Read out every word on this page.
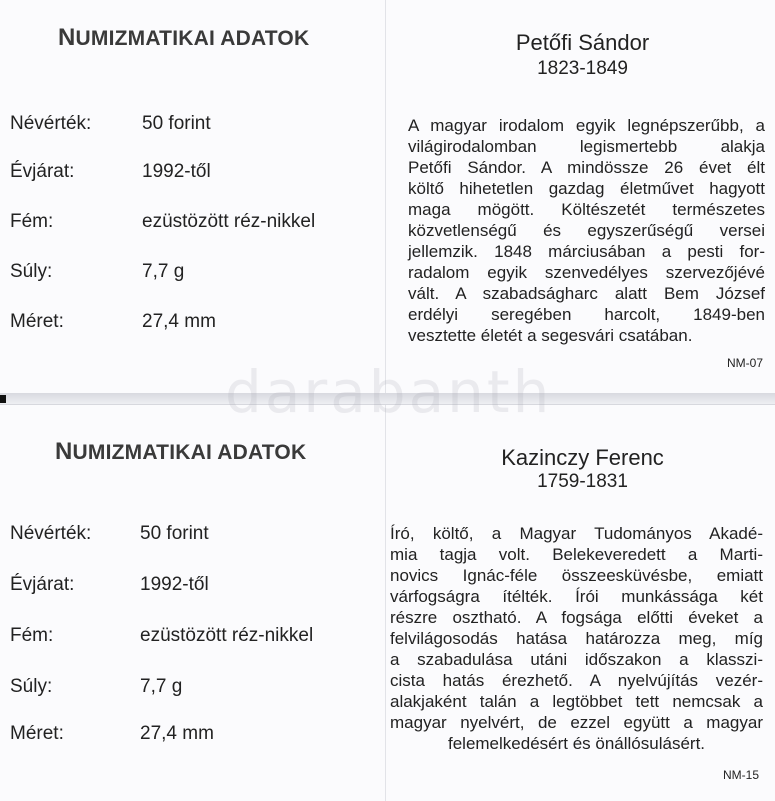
NUMIZMATIKAI ADATOK
Névérték:	50 forint
Évjárat:	1992-től
Fém:	ezüstözött réz-nikkel
Súly:	7,7 g
Méret:	27,4 mm
Petőfi Sándor
1823-1849
A magyar irodalom egyik legnépszerűbb, a
világirodalomban legismertebb alakja
Petőfi Sándor. A mindössze 26 évet élt
költő hihetetlen gazdag életművet hagyott
maga mögött. Költészetét természetes
közvetlenségű és egyszerűségű versei
jellemzik. 1848 márciusában a pesti for-
radalom egyik szenvedélyes szervezőjévé
vált. A szabadságharc alatt Bem József
erdélyi seregében harcolt, 1849-ben
vesztette életét a segesvári csatában.
NM-07
NUMIZMATIKAI ADATOK
Névérték:	50 forint
Évjárat:	1992-től
Fém:	ezüstözött réz-nikkel
Súly:	7,7 g
Méret:	27,4 mm
Kazinczy Ferenc
1759-1831
Író, költő, a Magyar Tudományos Akadé-
mia tagja volt. Belekeveredett a Marti-
novics Ignác-féle összeesküvésbe, emiatt
várfogságra ítélték. Írói munkássága két
részre osztható. A fogsága előtti éveket a
felvilágosodás hatása határozza meg, míg
a szabadulása utáni időszakon a klasszi-
cista hatás érezhető. A nyelvújítás vezér-
alakjaként talán a legtöbbet tett nemcsak a
magyar nyelvért, de ezzel együtt a magyar
felemelkedésért és önállósulásért.
NM-15
